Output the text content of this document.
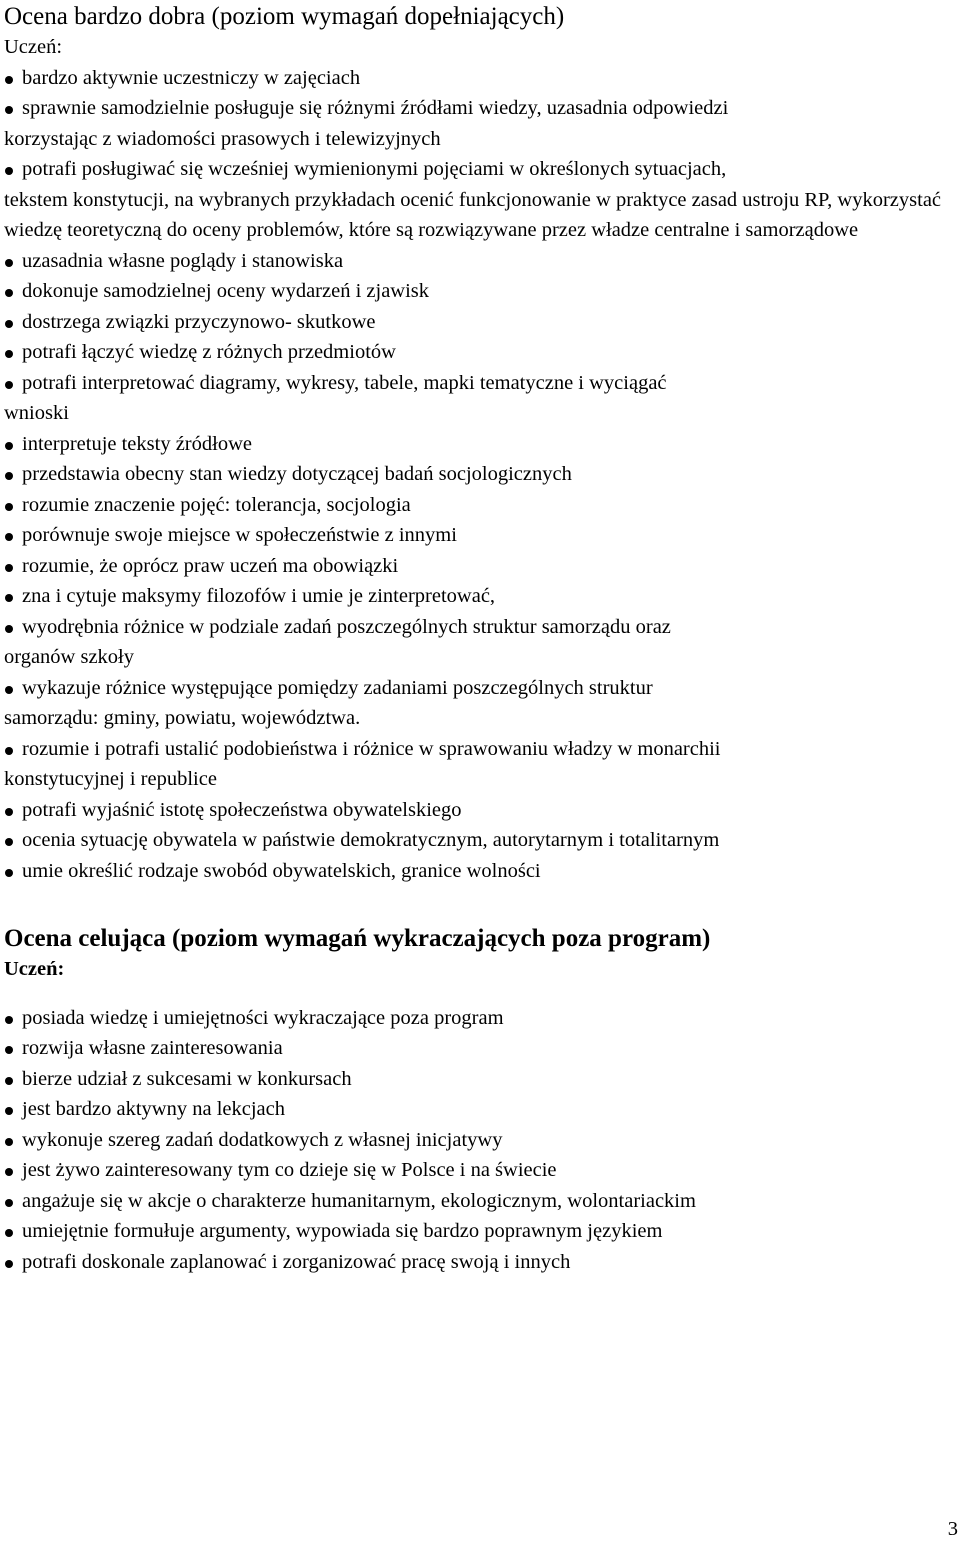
Ocena bardzo dobra (poziom wymagań dopełniających)

Uczeń:

bardzo aktywnie uczestniczy w zajęciach
sprawnie samodzielnie posługuje się różnymi źródłami wiedzy, uzasadnia odpowiedzi
korzystając z wiadomości prasowych i telewizyjnych
potrafi posługiwać się wcześniej wymienionymi pojęciami w określonych sytuacjach,
tekstem konstytucji, na wybranych przykładach ocenić funkcjonowanie w praktyce zasad ustroju RP, wykorzystać wiedzę teoretyczną do oceny problemów, które są rozwiązywane przez władze centralne i samorządowe
uzasadnia własne poglądy i stanowiska
dokonuje samodzielnej oceny wydarzeń i zjawisk
dostrzega związki przyczynowo- skutkowe
potrafi łączyć wiedzę z różnych przedmiotów
potrafi interpretować diagramy, wykresy, tabele, mapki tematyczne i wyciągać
wnioski
interpretuje teksty źródłowe
przedstawia obecny stan wiedzy dotyczącej badań socjologicznych
rozumie znaczenie pojęć: tolerancja, socjologia
porównuje swoje miejsce w społeczeństwie z innymi
rozumie, że oprócz praw uczeń ma obowiązki
zna i cytuje maksymy filozofów i umie je zinterpretować,
wyodrębnia różnice w podziale zadań poszczególnych struktur samorządu oraz
organów szkoły
wykazuje różnice występujące pomiędzy zadaniami poszczególnych struktur
samorządu: gminy, powiatu, województwa.
rozumie i potrafi ustalić podobieństwa i różnice w sprawowaniu władzy w monarchii
konstytucyjnej i republice
potrafi wyjaśnić istotę społeczeństwa obywatelskiego
ocenia sytuację obywatela w państwie demokratycznym, autorytarnym i totalitarnym
umie określić rodzaje swobód obywatelskich, granice wolności
Ocena celująca (poziom wymagań wykraczających poza program)

Uczeń:

posiada wiedzę i umiejętności wykraczające poza program
rozwija własne zainteresowania
bierze udział z sukcesami w konkursach
jest bardzo aktywny na lekcjach
wykonuje szereg zadań dodatkowych z własnej inicjatywy
jest żywo zainteresowany tym co dzieje się w Polsce i na świecie
angażuje się w akcje o charakterze humanitarnym, ekologicznym, wolontariackim
umiejętnie formułuje argumenty, wypowiada się bardzo poprawnym językiem
potrafi doskonale zaplanować i zorganizować pracę swoją i innych
3
